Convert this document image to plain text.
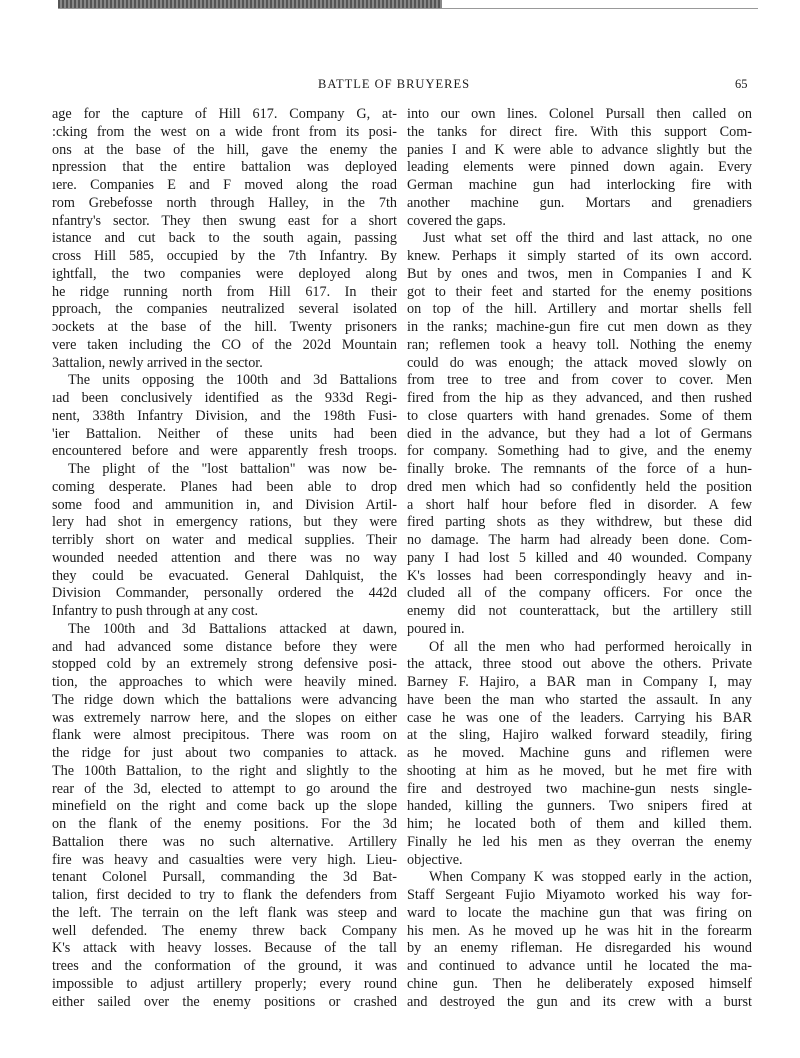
BATTLE OF BRUYERES	65
age for the capture of Hill 617. Company G, at-
:cking from the west on a wide front from its posi-
ons at the base of the hill, gave the enemy the
npression that the entire battalion was deployed
ıere. Companies E and F moved along the road
rom Grebefosse north through Halley, in the 7th
nfantry's sector. They then swung east for a short
istance and cut back to the south again, passing
cross Hill 585, occupied by the 7th Infantry. By
ightfall, the two companies were deployed along
he ridge running north from Hill 617. In their
pproach, the companies neutralized several isolated
ɔockets at the base of the hill. Twenty prisoners
vere taken including the CO of the 202d Mountain
3attalion, newly arrived in the sector.
The units opposing the 100th and 3d Battalions
ıad been conclusively identified as the 933d Regi-
nent, 338th Infantry Division, and the 198th Fusi-
'ier Battalion. Neither of these units had been
encountered before and were apparently fresh troops.
The plight of the "lost battalion" was now be-
coming desperate. Planes had been able to drop
some food and ammunition in, and Division Artil-
lery had shot in emergency rations, but they were
terribly short on water and medical supplies. Their
wounded needed attention and there was no way
they could be evacuated. General Dahlquist, the
Division Commander, personally ordered the 442d
Infantry to push through at any cost.
The 100th and 3d Battalions attacked at dawn,
and had advanced some distance before they were
stopped cold by an extremely strong defensive posi-
tion, the approaches to which were heavily mined.
The ridge down which the battalions were advancing
was extremely narrow here, and the slopes on either
flank were almost precipitous. There was room on
the ridge for just about two companies to attack.
The 100th Battalion, to the right and slightly to the
rear of the 3d, elected to attempt to go around the
minefield on the right and come back up the slope
on the flank of the enemy positions. For the 3d
Battalion there was no such alternative. Artillery
fire was heavy and casualties were very high. Lieu-
tenant Colonel Pursall, commanding the 3d Bat-
talion, first decided to try to flank the defenders from
the left. The terrain on the left flank was steep and
well defended. The enemy threw back Company
K's attack with heavy losses. Because of the tall
trees and the conformation of the ground, it was
impossible to adjust artillery properly; every round
either sailed over the enemy positions or crashed
into our own lines. Colonel Pursall then called on
the tanks for direct fire. With this support Com-
panies I and K were able to advance slightly but the
leading elements were pinned down again. Every
German machine gun had interlocking fire with
another machine gun. Mortars and grenadiers
covered the gaps.
Just what set off the third and last attack, no one
knew. Perhaps it simply started of its own accord.
But by ones and twos, men in Companies I and K
got to their feet and started for the enemy positions
on top of the hill. Artillery and mortar shells fell
in the ranks; machine-gun fire cut men down as they
ran; reflemen took a heavy toll. Nothing the enemy
could do was enough; the attack moved slowly on
from tree to tree and from cover to cover. Men
fired from the hip as they advanced, and then rushed
to close quarters with hand grenades. Some of them
died in the advance, but they had a lot of Germans
for company. Something had to give, and the enemy
finally broke. The remnants of the force of a hun-
dred men which had so confidently held the position
a short half hour before fled in disorder. A few
fired parting shots as they withdrew, but these did
no damage. The harm had already been done. Com-
pany I had lost 5 killed and 40 wounded. Company
K's losses had been correspondingly heavy and in-
cluded all of the company officers. For once the
enemy did not counterattack, but the artillery still
poured in.
Of all the men who had performed heroically in
the attack, three stood out above the others. Private
Barney F. Hajiro, a BAR man in Company I, may
have been the man who started the assault. In any
case he was one of the leaders. Carrying his BAR
at the sling, Hajiro walked forward steadily, firing
as he moved. Machine guns and riflemen were
shooting at him as he moved, but he met fire with
fire and destroyed two machine-gun nests single-
handed, killing the gunners. Two snipers fired at
him; he located both of them and killed them.
Finally he led his men as they overran the enemy
objective.
When Company K was stopped early in the action,
Staff Sergeant Fujio Miyamoto worked his way for-
ward to locate the machine gun that was firing on
his men. As he moved up he was hit in the forearm
by an enemy rifleman. He disregarded his wound
and continued to advance until he located the ma-
chine gun. Then he deliberately exposed himself
and destroyed the gun and its crew with a burst
